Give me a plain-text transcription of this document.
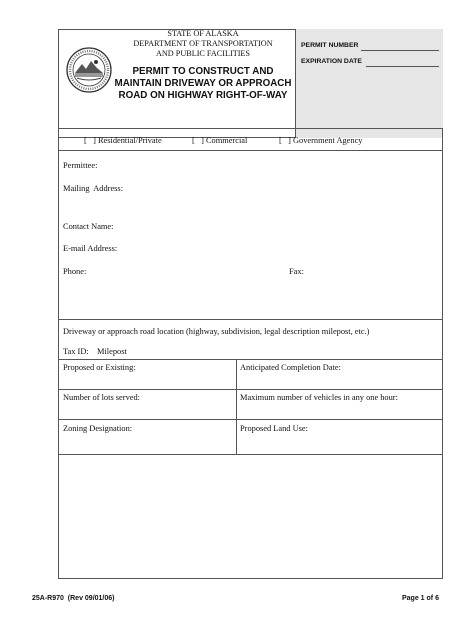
STATE OF ALASKA
DEPARTMENT OF TRANSPORTATION
AND PUBLIC FACILITIES
PERMIT TO CONSTRUCT AND
MAINTAIN DRIVEWAY OR APPROACH
ROAD ON HIGHWAY RIGHT-OF-WAY
PERMIT NUMBER
EXPIRATION DATE
[   ] Residential/Private	[   ] Commercial	[   ] Government Agency
Permittee:
Mailing  Address:
Contact Name:
E-mail Address:
Phone:	Fax:
Driveway or approach road location (highway, subdivision, legal description milepost, etc.)
Tax ID: Milepost
Proposed or Existing:	Anticipated Completion Date:
Number of lots served:	Maximum number of vehicles in any one hour:
Zoning Designation:	Proposed Land Use:
25A-R970  (Rev 09/01/06)	Page 1 of 6
